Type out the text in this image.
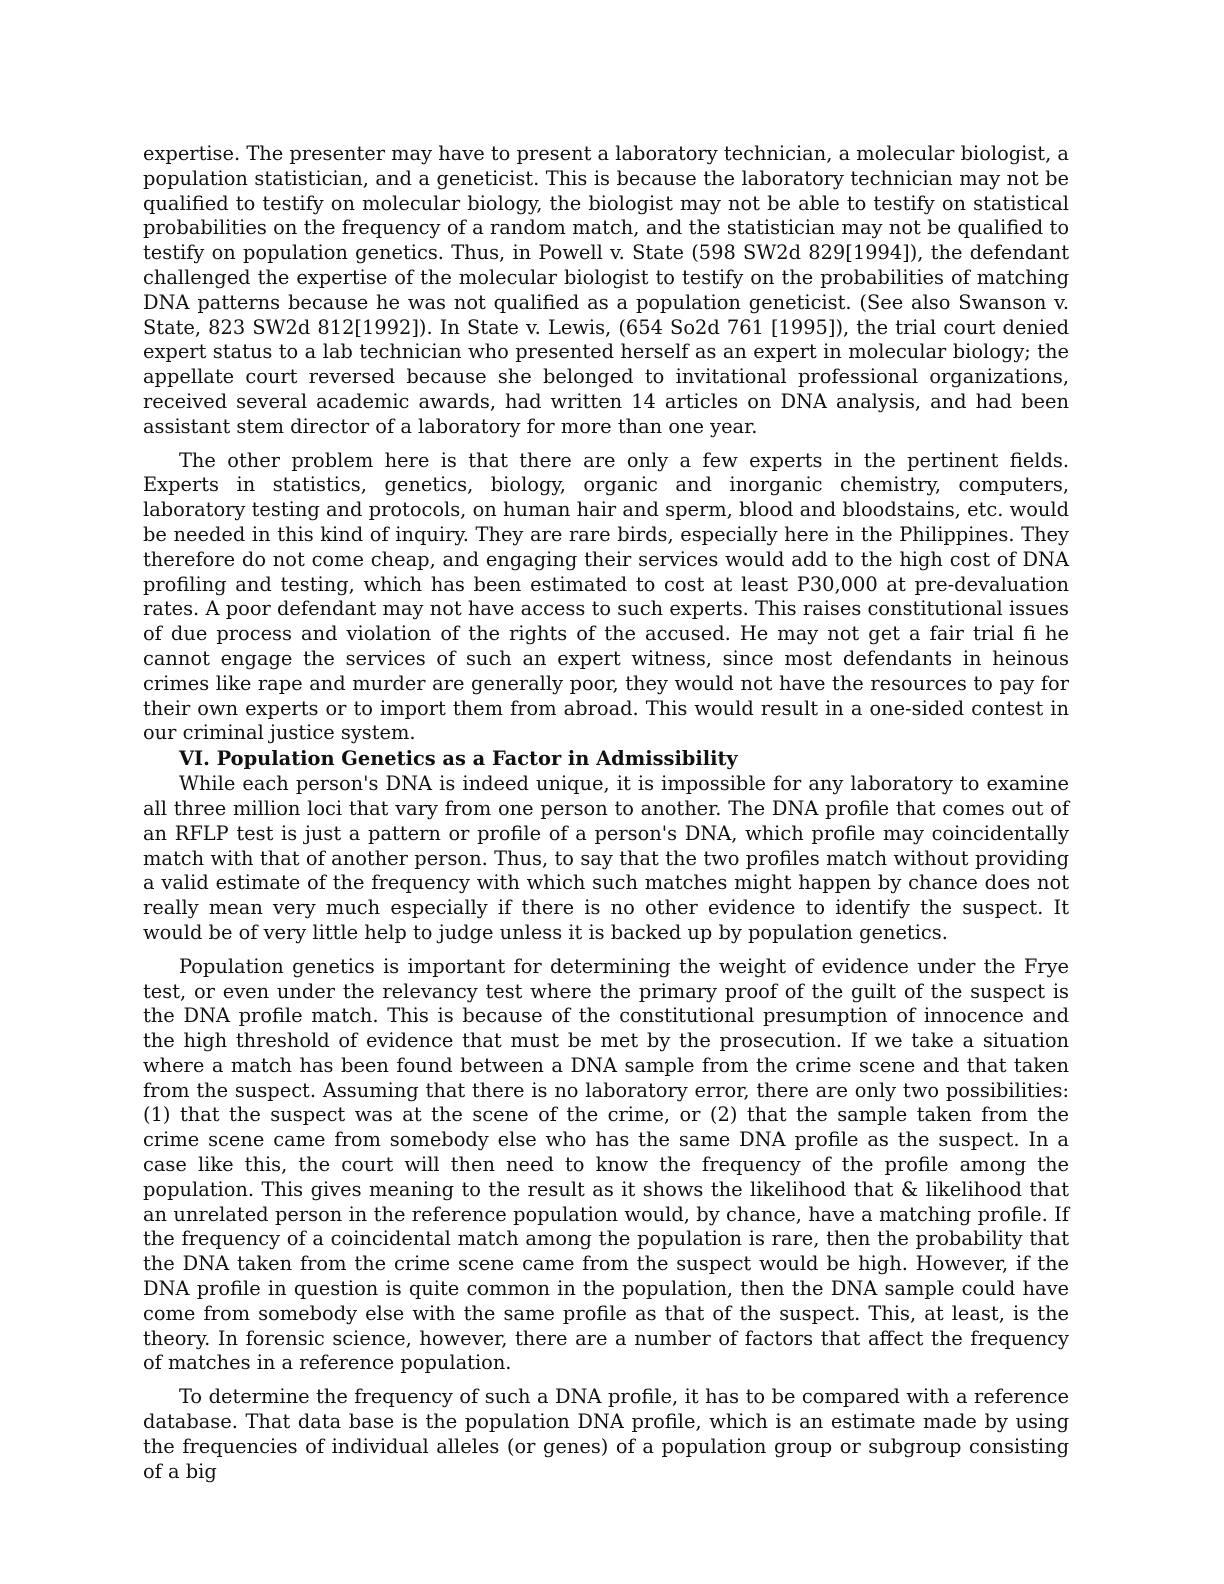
expertise. The presenter may have to present a laboratory technician, a molecular biologist, a population statistician, and a geneticist. This is because the laboratory technician may not be qualified to testify on molecular biology, the biologist may not be able to testify on statistical probabilities on the frequency of a random match, and the statistician may not be qualified to testify on population genetics. Thus, in Powell v. State (598 SW2d 829[1994]), the defendant challenged the expertise of the molecular biologist to testify on the probabilities of matching DNA patterns because he was not qualified as a population geneticist. (See also Swanson v. State, 823 SW2d 812[1992]). In State v. Lewis, (654 So2d 761 [1995]), the trial court denied expert status to a lab technician who presented herself as an expert in molecular biology; the appellate court reversed because she belonged to invitational professional organizations, received several academic awards, had written 14 articles on DNA analysis, and had been assistant stem director of a laboratory for more than one year.

The other problem here is that there are only a few experts in the pertinent fields. Experts in statistics, genetics, biology, organic and inorganic chemistry, computers, laboratory testing and protocols, on human hair and sperm, blood and bloodstains, etc. would be needed in this kind of inquiry. They are rare birds, especially here in the Philippines. They therefore do not come cheap, and engaging their services would add to the high cost of DNA profiling and testing, which has been estimated to cost at least P30,000 at pre-devaluation rates. A poor defendant may not have access to such experts. This raises constitutional issues of due process and violation of the rights of the accused. He may not get a fair trial fi he cannot engage the services of such an expert witness, since most defendants in heinous crimes like rape and murder are generally poor, they would not have the resources to pay for their own experts or to import them from abroad. This would result in a one-sided contest in our criminal justice system.

VI. Population Genetics as a Factor in Admissibility

While each person's DNA is indeed unique, it is impossible for any laboratory to examine all three million loci that vary from one person to another. The DNA profile that comes out of an RFLP test is just a pattern or profile of a person's DNA, which profile may coincidentally match with that of another person. Thus, to say that the two profiles match without providing a valid estimate of the frequency with which such matches might happen by chance does not really mean very much especially if there is no other evidence to identify the suspect. It would be of very little help to judge unless it is backed up by population genetics.

Population genetics is important for determining the weight of evidence under the Frye test, or even under the relevancy test where the primary proof of the guilt of the suspect is the DNA profile match. This is because of the constitutional presumption of innocence and the high threshold of evidence that must be met by the prosecution. If we take a situation where a match has been found between a DNA sample from the crime scene and that taken from the suspect. Assuming that there is no laboratory error, there are only two possibilities: (1) that the suspect was at the scene of the crime, or (2) that the sample taken from the crime scene came from somebody else who has the same DNA profile as the suspect. In a case like this, the court will then need to know the frequency of the profile among the population. This gives meaning to the result as it shows the likelihood that & likelihood that an unrelated person in the reference population would, by chance, have a matching profile. If the frequency of a coincidental match among the population is rare, then the probability that the DNA taken from the crime scene came from the suspect would be high. However, if the DNA profile in question is quite common in the population, then the DNA sample could have come from somebody else with the same profile as that of the suspect. This, at least, is the theory. In forensic science, however, there are a number of factors that affect the frequency of matches in a reference population.

To determine the frequency of such a DNA profile, it has to be compared with a reference database. That data base is the population DNA profile, which is an estimate made by using the frequencies of individual alleles (or genes) of a population group or subgroup consisting of a big
